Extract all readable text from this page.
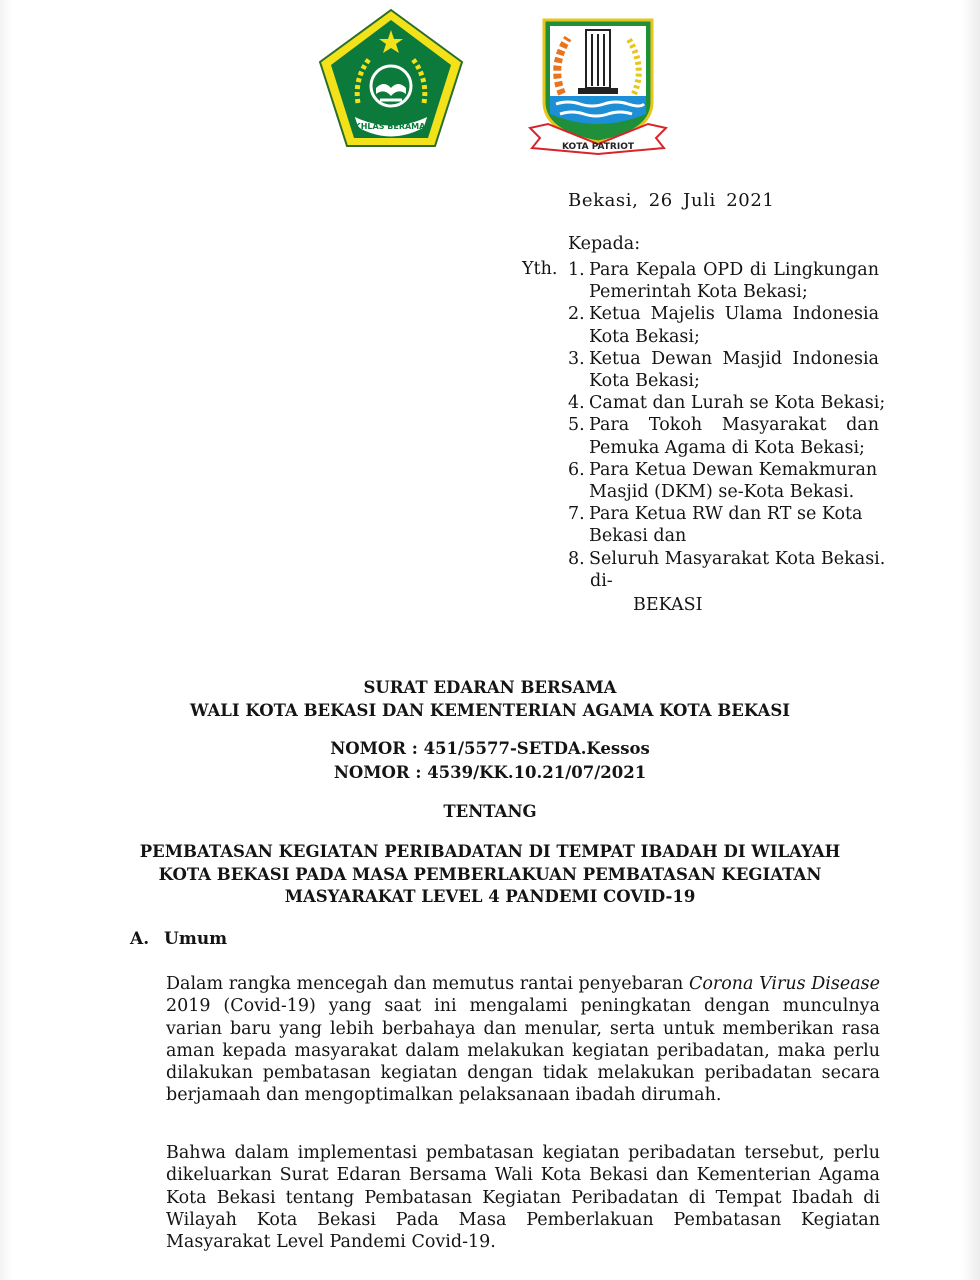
IKHLAS BERAMAL
KOTA PATRIOT
Bekasi, 26 Juli 2021
Kepada:
Yth. 1. Para Kepala OPD di Lingkungan Pemerintah Kota Bekasi;
2. Ketua Majelis Ulama Indonesia Kota Bekasi;
3. Ketua Dewan Masjid Indonesia Kota Bekasi;
4. Camat dan Lurah se Kota Bekasi;
5. Para Tokoh Masyarakat dan Pemuka Agama di Kota Bekasi;
6. Para Ketua Dewan Kemakmuran Masjid (DKM) se-Kota Bekasi.
7. Para Ketua RW dan RT se Kota Bekasi dan
8. Seluruh Masyarakat Kota Bekasi.
di-
BEKASI
SURAT EDARAN BERSAMA
WALI KOTA BEKASI DAN KEMENTERIAN AGAMA KOTA BEKASI
NOMOR : 451/5577-SETDA.Kessos
NOMOR : 4539/KK.10.21/07/2021
TENTANG
PEMBATASAN KEGIATAN PERIBADATAN DI TEMPAT IBADAH DI WILAYAH
KOTA BEKASI PADA MASA PEMBERLAKUAN PEMBATASAN KEGIATAN
MASYARAKAT LEVEL 4 PANDEMI COVID-19
A. Umum
Dalam rangka mencegah dan memutus rantai penyebaran Corona Virus Disease 2019 (Covid-19) yang saat ini mengalami peningkatan dengan munculnya varian baru yang lebih berbahaya dan menular, serta untuk memberikan rasa aman kepada masyarakat dalam melakukan kegiatan peribadatan, maka perlu dilakukan pembatasan kegiatan dengan tidak melakukan peribadatan secara berjamaah dan mengoptimalkan pelaksanaan ibadah dirumah.
Bahwa dalam implementasi pembatasan kegiatan peribadatan tersebut, perlu dikeluarkan Surat Edaran Bersama Wali Kota Bekasi dan Kementerian Agama Kota Bekasi tentang Pembatasan Kegiatan Peribadatan di Tempat Ibadah di Wilayah Kota Bekasi Pada Masa Pemberlakuan Pembatasan Kegiatan Masyarakat Level Pandemi Covid-19.
